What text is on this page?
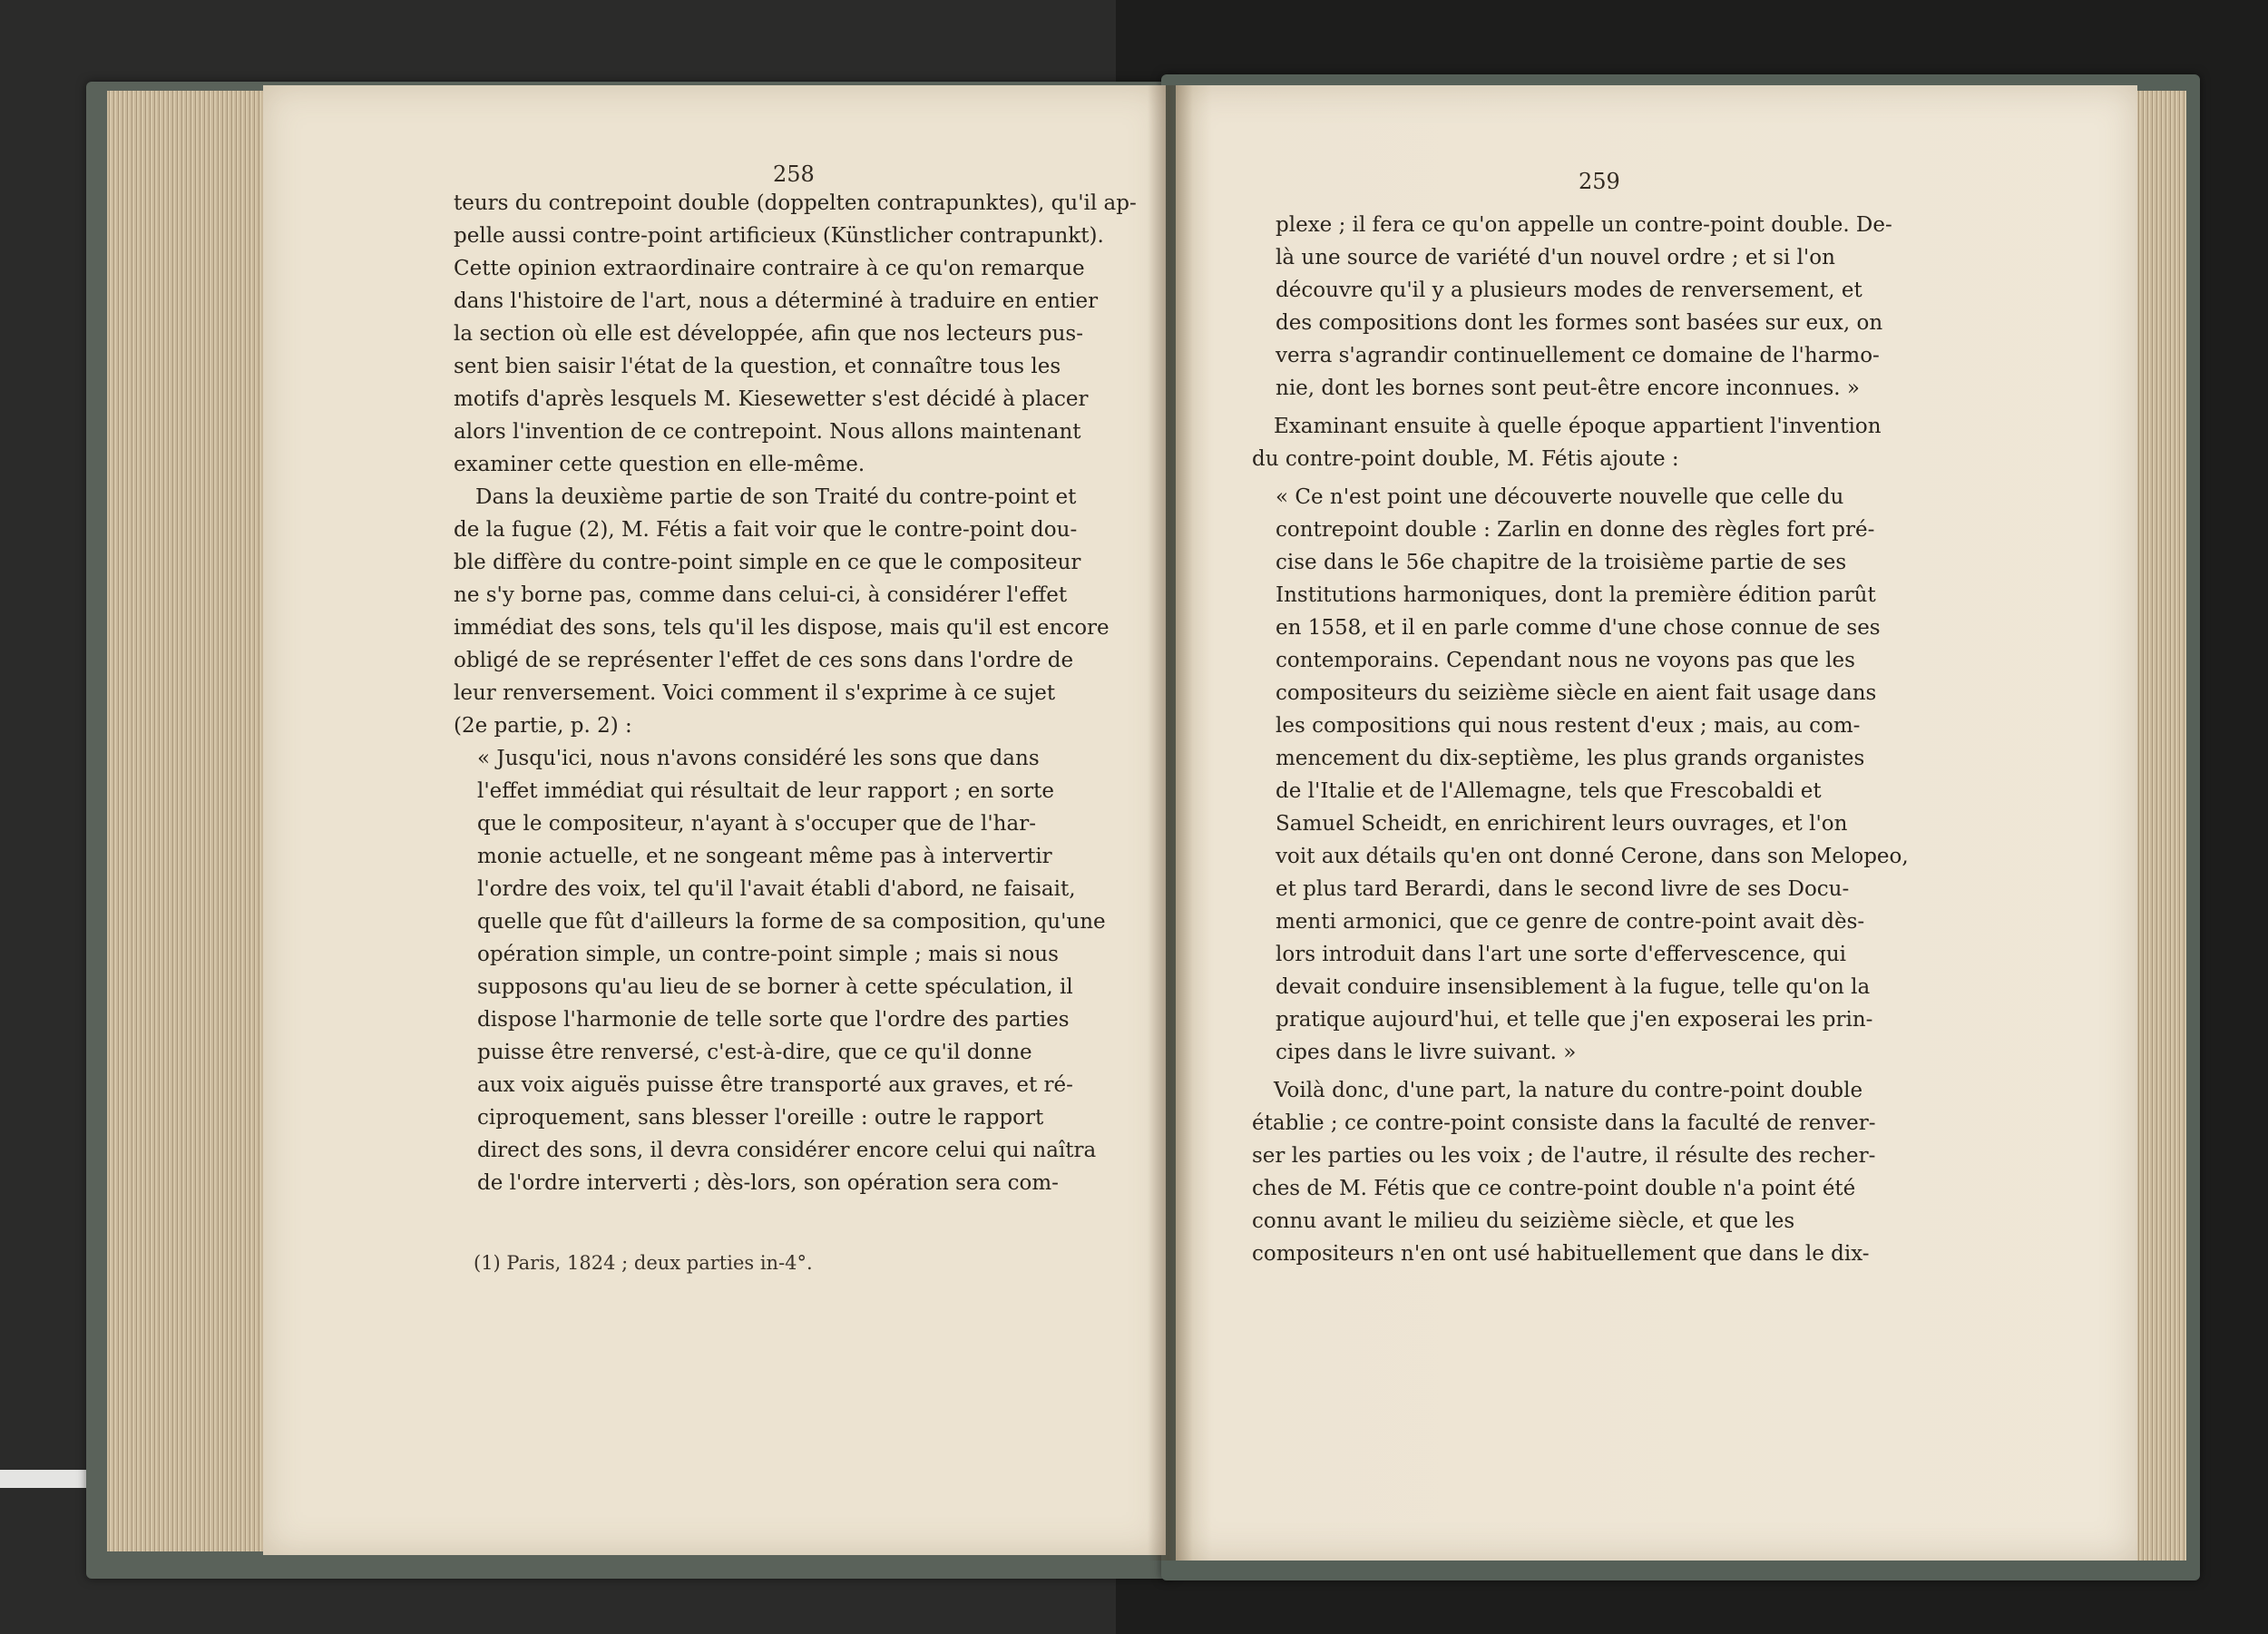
258
teurs du contrepoint double (doppelten contrapunktes), qu'il ap-
pelle aussi contre-point artificieux (Künstlicher contrapunkt).
Cette opinion extraordinaire contraire à ce qu'on remarque
dans l'histoire de l'art, nous a déterminé à traduire en entier
la section où elle est développée, afin que nos lecteurs pus-
sent bien saisir l'état de la question, et connaître tous les
motifs d'après lesquels M. Kiesewetter s'est décidé à placer
alors l'invention de ce contrepoint. Nous allons maintenant
examiner cette question en elle-même.
Dans la deuxième partie de son Traité du contre-point et
de la fugue (2), M. Fétis a fait voir que le contre-point dou-
ble diffère du contre-point simple en ce que le compositeur
ne s'y borne pas, comme dans celui-ci, à considérer l'effet
immédiat des sons, tels qu'il les dispose, mais qu'il est encore
obligé de se représenter l'effet de ces sons dans l'ordre de
leur renversement. Voici comment il s'exprime à ce sujet
(2e partie, p. 2) :
« Jusqu'ici, nous n'avons considéré les sons que dans
l'effet immédiat qui résultait de leur rapport ; en sorte
que le compositeur, n'ayant à s'occuper que de l'har-
monie actuelle, et ne songeant même pas à intervertir
l'ordre des voix, tel qu'il l'avait établi d'abord, ne faisait,
quelle que fût d'ailleurs la forme de sa composition, qu'une
opération simple, un contre-point simple ; mais si nous
supposons qu'au lieu de se borner à cette spéculation, il
dispose l'harmonie de telle sorte que l'ordre des parties
puisse être renversé, c'est-à-dire, que ce qu'il donne
aux voix aiguës puisse être transporté aux graves, et ré-
ciproquement, sans blesser l'oreille : outre le rapport
direct des sons, il devra considérer encore celui qui naîtra
de l'ordre interverti ; dès-lors, son opération sera com-
(1) Paris, 1824 ; deux parties in-4°.
259
plexe ; il fera ce qu'on appelle un contre-point double. De-
là une source de variété d'un nouvel ordre ; et si l'on
découvre qu'il y a plusieurs modes de renversement, et
des compositions dont les formes sont basées sur eux, on
verra s'agrandir continuellement ce domaine de l'harmo-
nie, dont les bornes sont peut-être encore inconnues. »
Examinant ensuite à quelle époque appartient l'invention
du contre-point double, M. Fétis ajoute :
« Ce n'est point une découverte nouvelle que celle du
contrepoint double : Zarlin en donne des règles fort pré-
cise dans le 56e chapitre de la troisième partie de ses
Institutions harmoniques, dont la première édition parût
en 1558, et il en parle comme d'une chose connue de ses
contemporains. Cependant nous ne voyons pas que les
compositeurs du seizième siècle en aient fait usage dans
les compositions qui nous restent d'eux ; mais, au com-
mencement du dix-septième, les plus grands organistes
de l'Italie et de l'Allemagne, tels que Frescobaldi et
Samuel Scheidt, en enrichirent leurs ouvrages, et l'on
voit aux détails qu'en ont donné Cerone, dans son Melopeo,
et plus tard Berardi, dans le second livre de ses Docu-
menti armonici, que ce genre de contre-point avait dès-
lors introduit dans l'art une sorte d'effervescence, qui
devait conduire insensiblement à la fugue, telle qu'on la
pratique aujourd'hui, et telle que j'en exposerai les prin-
cipes dans le livre suivant. »
Voilà donc, d'une part, la nature du contre-point double
établie ; ce contre-point consiste dans la faculté de renver-
ser les parties ou les voix ; de l'autre, il résulte des recher-
ches de M. Fétis que ce contre-point double n'a point été
connu avant le milieu du seizième siècle, et que les
compositeurs n'en ont usé habituellement que dans le dix-
